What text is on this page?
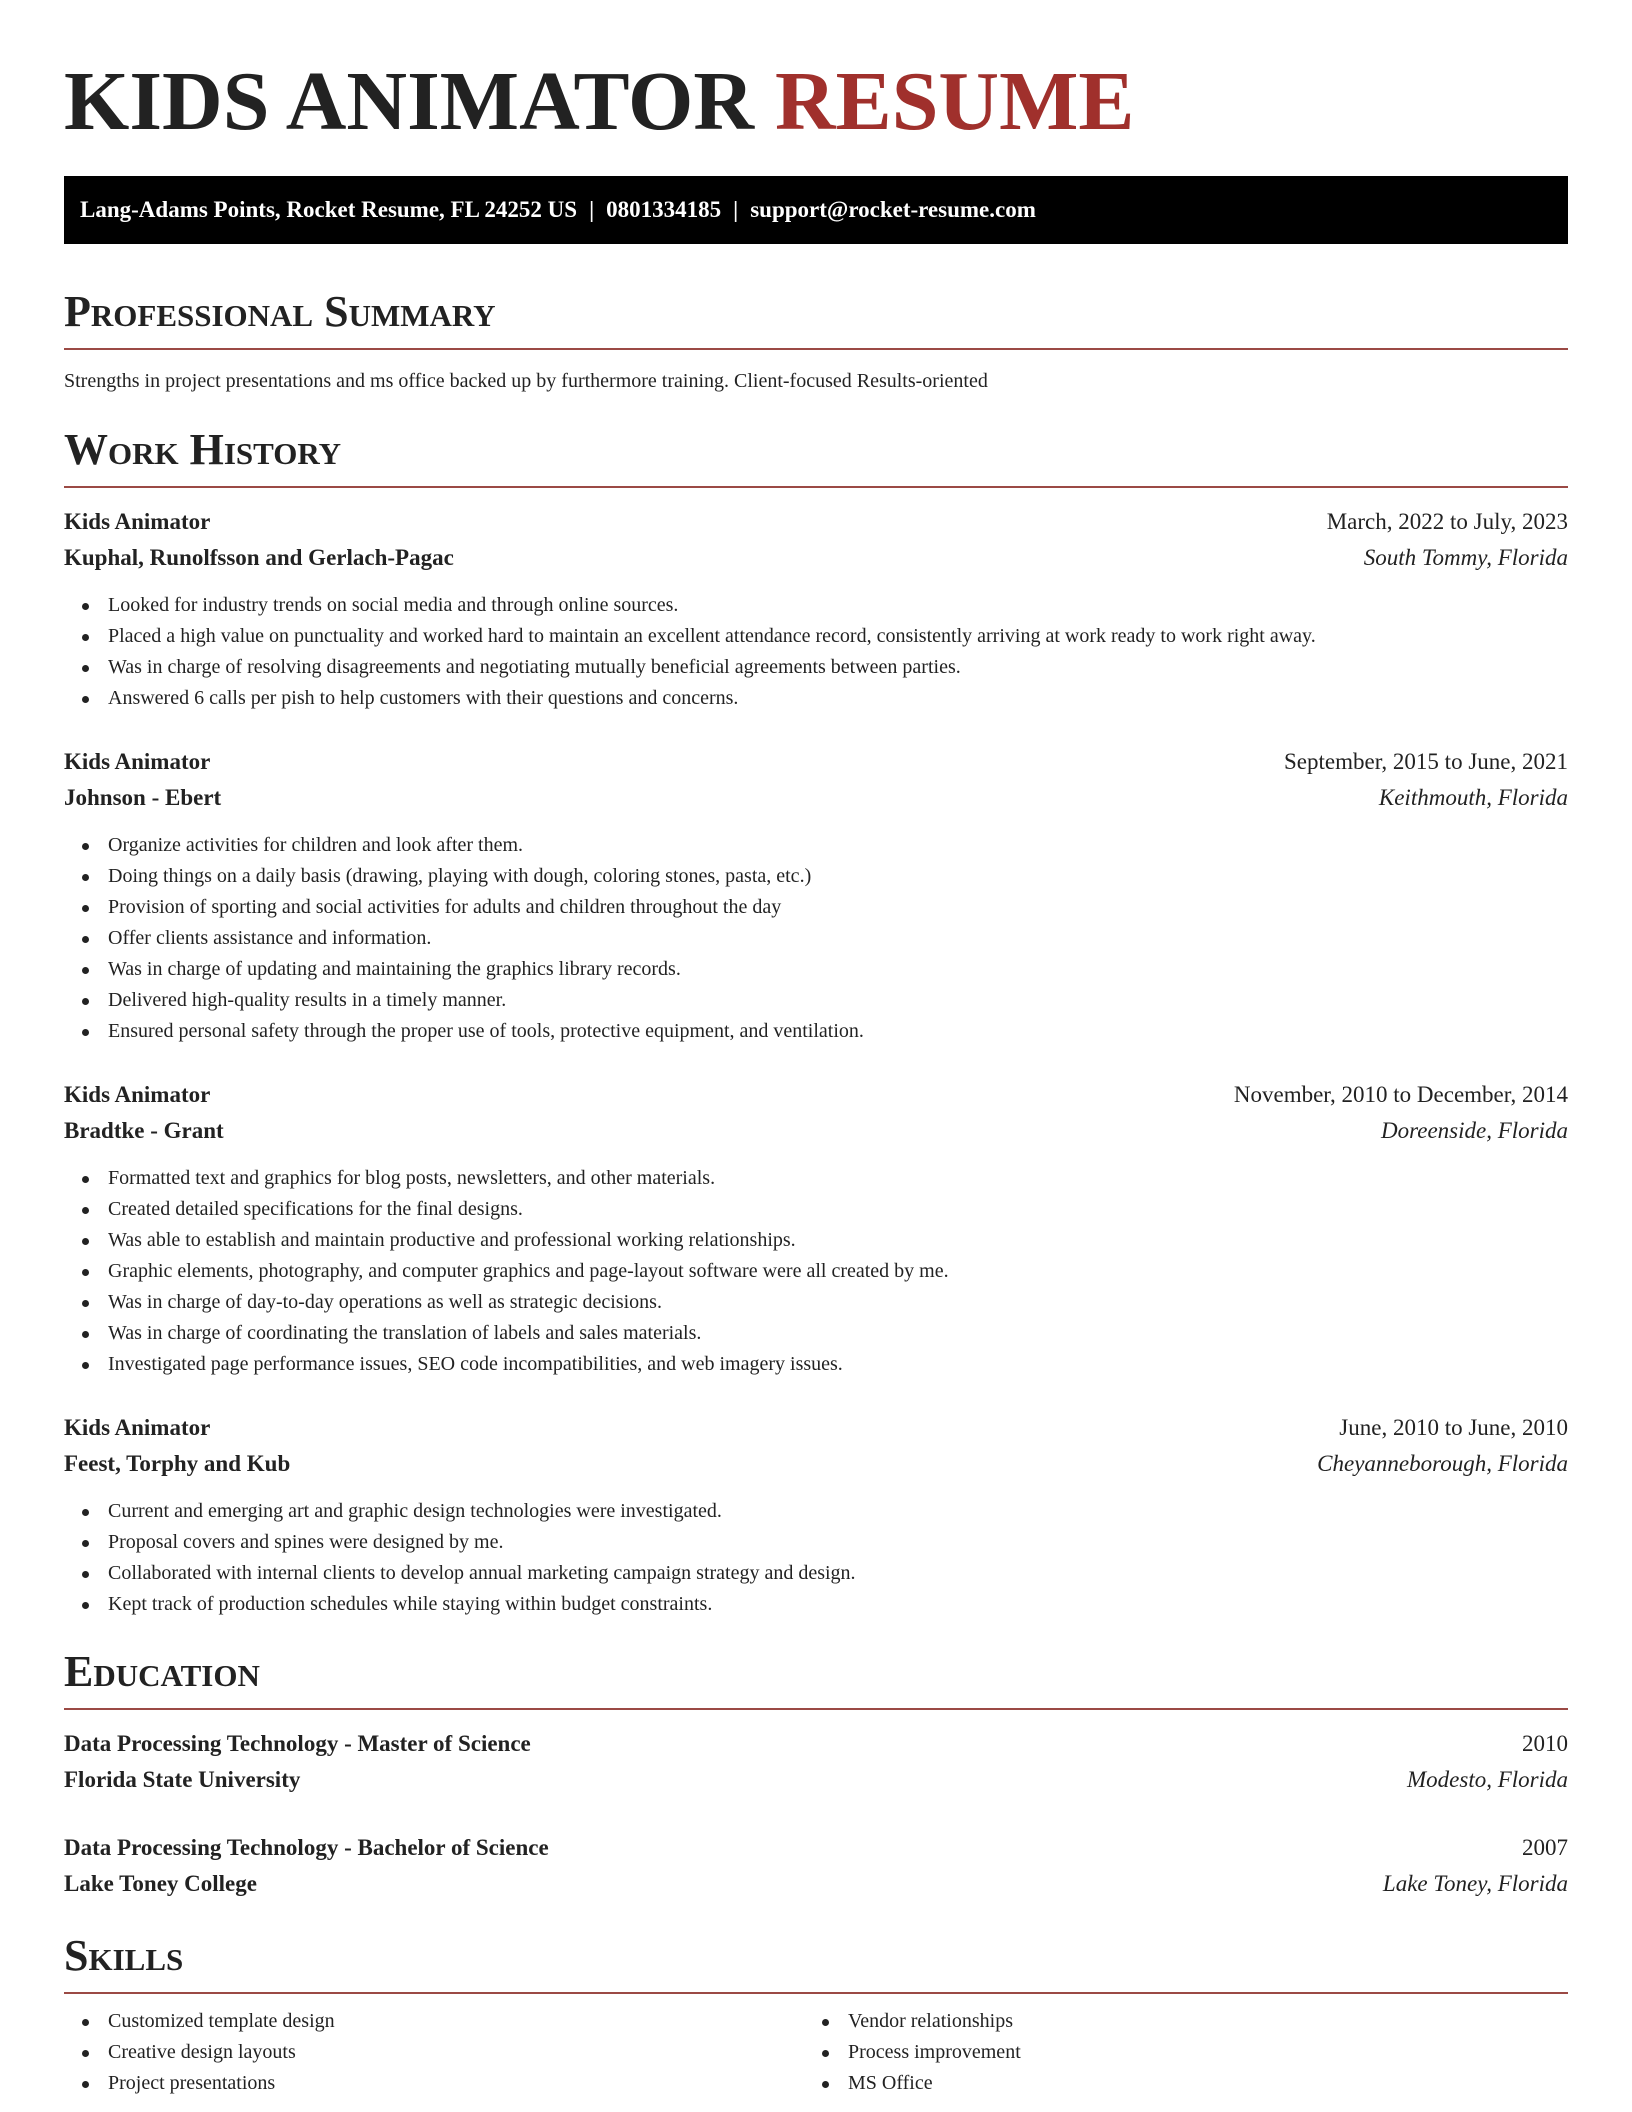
KIDS ANIMATOR RESUME
Lang-Adams Points, Rocket Resume, FL 24252 US | 0801334185 | support@rocket-resume.com
Professional Summary
Strengths in project presentations and ms office backed up by furthermore training. Client-focused Results-oriented
Work History
Kids Animator	March, 2022 to July, 2023
Kuphal, Runolfsson and Gerlach-Pagac	South Tommy, Florida
Looked for industry trends on social media and through online sources.
Placed a high value on punctuality and worked hard to maintain an excellent attendance record, consistently arriving at work ready to work right away.
Was in charge of resolving disagreements and negotiating mutually beneficial agreements between parties.
Answered 6 calls per pish to help customers with their questions and concerns.
Kids Animator	September, 2015 to June, 2021
Johnson - Ebert	Keithmouth, Florida
Organize activities for children and look after them.
Doing things on a daily basis (drawing, playing with dough, coloring stones, pasta, etc.)
Provision of sporting and social activities for adults and children throughout the day
Offer clients assistance and information.
Was in charge of updating and maintaining the graphics library records.
Delivered high-quality results in a timely manner.
Ensured personal safety through the proper use of tools, protective equipment, and ventilation.
Kids Animator	November, 2010 to December, 2014
Bradtke - Grant	Doreenside, Florida
Formatted text and graphics for blog posts, newsletters, and other materials.
Created detailed specifications for the final designs.
Was able to establish and maintain productive and professional working relationships.
Graphic elements, photography, and computer graphics and page-layout software were all created by me.
Was in charge of day-to-day operations as well as strategic decisions.
Was in charge of coordinating the translation of labels and sales materials.
Investigated page performance issues, SEO code incompatibilities, and web imagery issues.
Kids Animator	June, 2010 to June, 2010
Feest, Torphy and Kub	Cheyanneborough, Florida
Current and emerging art and graphic design technologies were investigated.
Proposal covers and spines were designed by me.
Collaborated with internal clients to develop annual marketing campaign strategy and design.
Kept track of production schedules while staying within budget constraints.
Education
Data Processing Technology - Master of Science	2010
Florida State University	Modesto, Florida
Data Processing Technology - Bachelor of Science	2007
Lake Toney College	Lake Toney, Florida
Skills
Customized template design
Creative design layouts
Project presentations
Vendor relationships
Process improvement
MS Office
